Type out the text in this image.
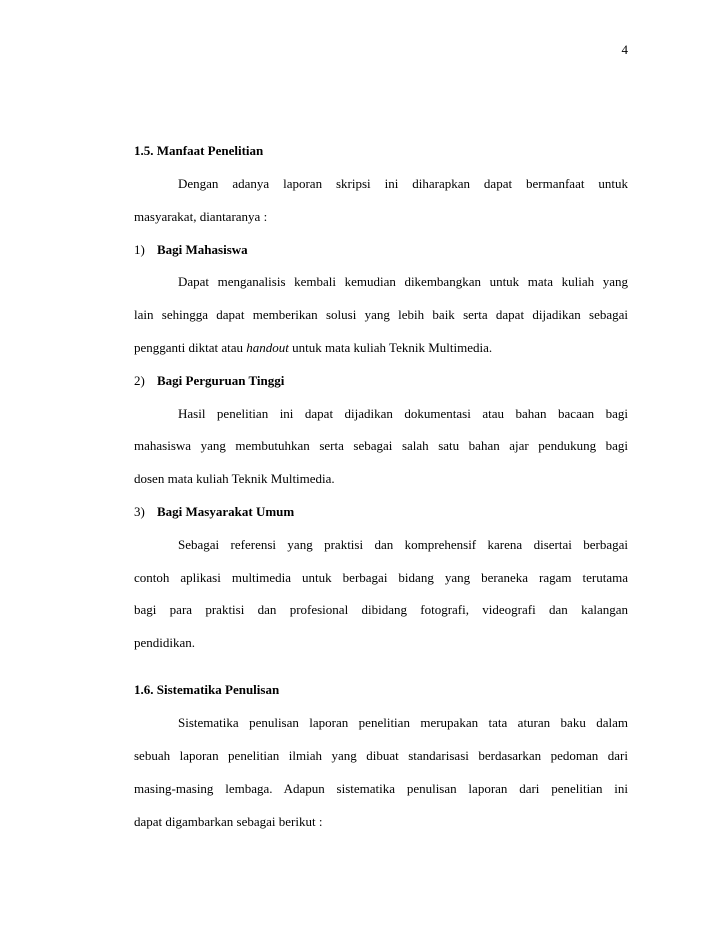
4
1.5. Manfaat Penelitian
Dengan adanya laporan skripsi ini diharapkan dapat bermanfaat untuk
masyarakat, diantaranya :
1) Bagi Mahasiswa
Dapat menganalisis kembali kemudian dikembangkan untuk mata kuliah yang
lain sehingga dapat memberikan solusi yang lebih baik serta dapat dijadikan sebagai
pengganti diktat atau handout untuk mata kuliah Teknik Multimedia.
2) Bagi Perguruan Tinggi
Hasil penelitian ini dapat dijadikan dokumentasi atau bahan bacaan bagi
mahasiswa yang membutuhkan serta sebagai salah satu bahan ajar pendukung bagi
dosen mata kuliah Teknik Multimedia.
3) Bagi Masyarakat Umum
Sebagai referensi yang praktisi dan komprehensif karena disertai berbagai
contoh aplikasi multimedia untuk berbagai bidang yang beraneka ragam terutama
bagi para praktisi dan profesional dibidang fotografi, videografi dan kalangan
pendidikan.
1.6. Sistematika Penulisan
Sistematika penulisan laporan penelitian merupakan tata aturan baku dalam
sebuah laporan penelitian ilmiah yang dibuat standarisasi berdasarkan pedoman dari
masing-masing lembaga. Adapun sistematika penulisan laporan dari penelitian ini
dapat digambarkan sebagai berikut :
